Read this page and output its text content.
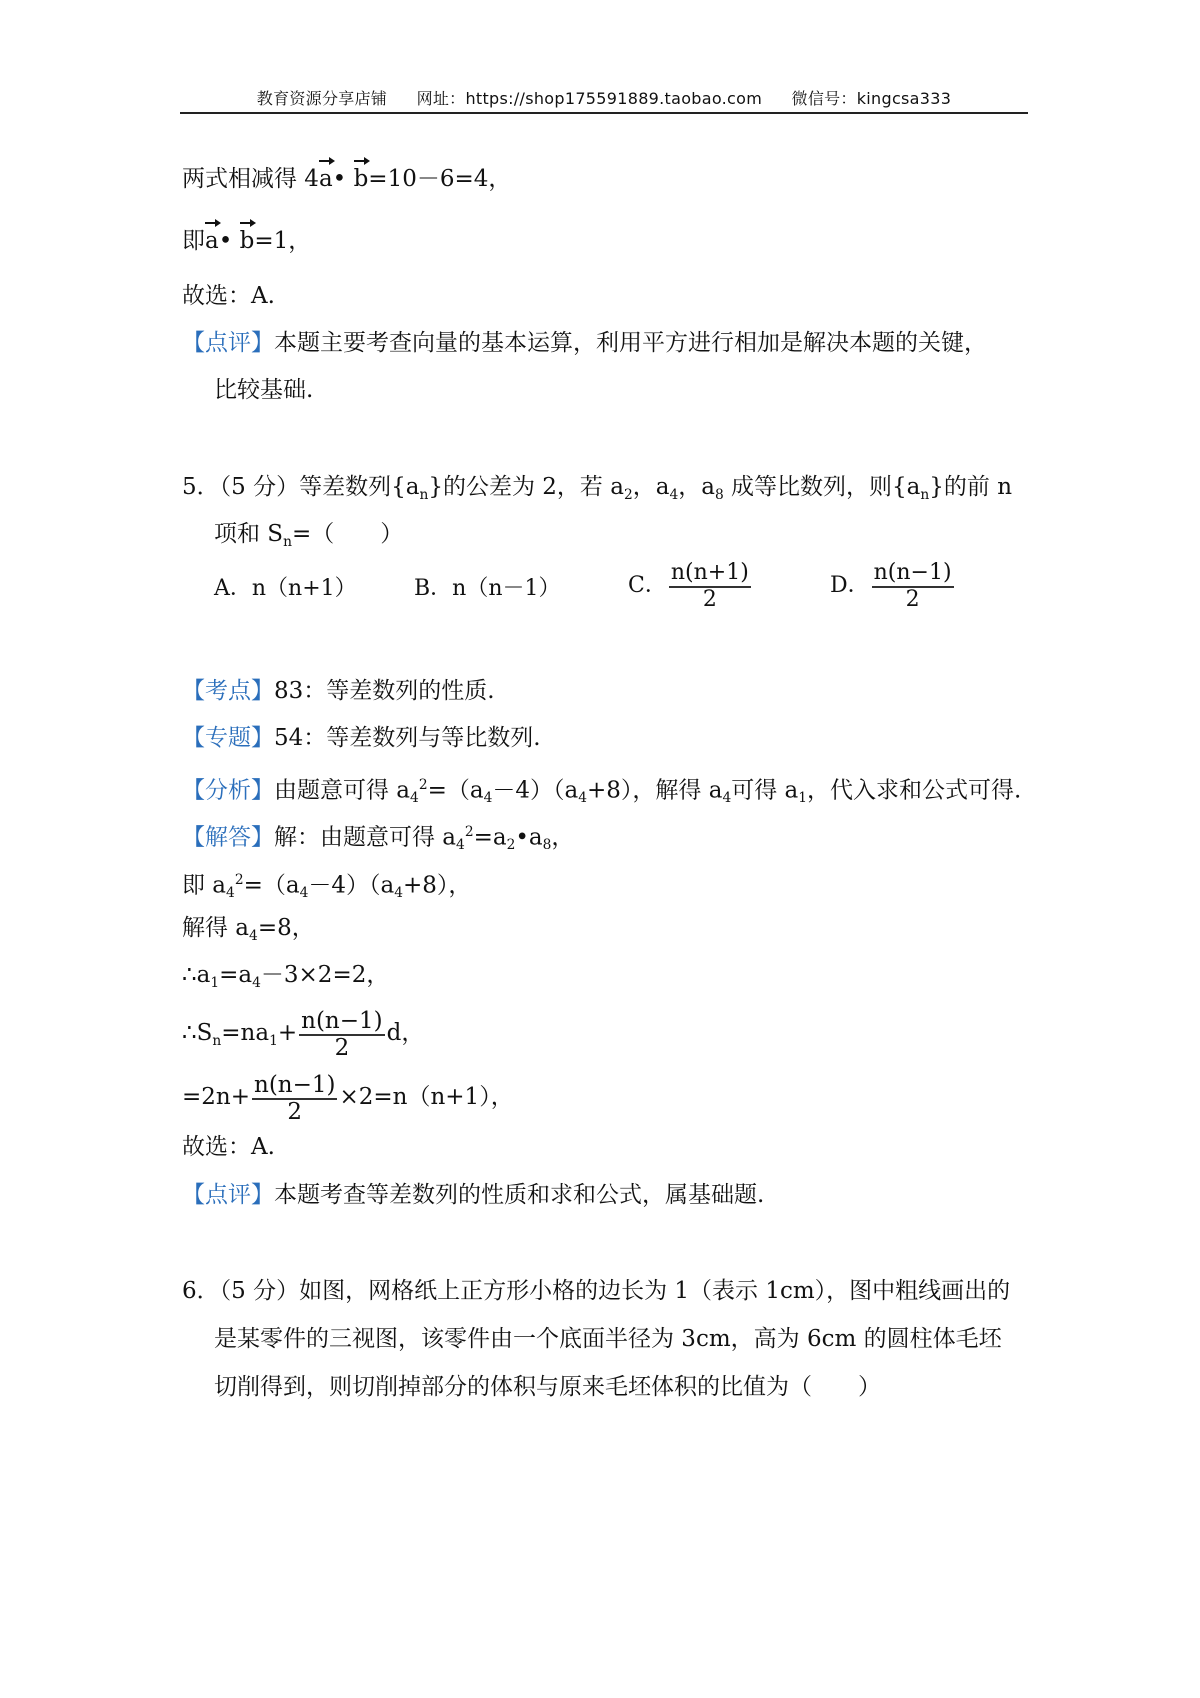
教育资源分享店铺 网址：https://shop175591889.taobao.com 微信号：kingcsa333
两式相减得 4a• b=10－6=4，
即a• b=1，
故选：A.
【点评】本题主要考查向量的基本运算，利用平方进行相加是解决本题的关键，
比较基础.
5．（5 分）等差数列$\{a_n\}$的公差为 2，若 $a_2$，$a_4$，$a_8$ 成等比数列，则$\{a_n\}$的前 n
项和 $S_n=$（　　）
A．n（n+1）	B．n（n－1）	C． $\frac{n(n+1)}{2}$	D． $\frac{n(n-1)}{2}$
【考点】83：等差数列的性质.
【专题】54：等差数列与等比数列.
【分析】由题意可得 $a_4^2=(a_4-4)(a_4+8)$，解得 $a_4$可得 $a_1$，代入求和公式可得.
【解答】解：由题意可得 $a_4^2=a_2•a_8$，
即 $a_4^2=(a_4-4)(a_4+8)$，
解得 $a_4=8$，
$\therefore a_1=a_4-3\times 2=2$，
$\therefore S_n=na_1+ \frac{n(n-1)}{2}$ d，
$=2n+ \frac{n(n-1)}{2} \times 2=n(n+1)$，
故选：A.
【点评】本题考查等差数列的性质和求和公式，属基础题.
6．（5 分）如图，网格纸上正方形小格的边长为 1（表示 1cm），图中粗线画出的
是某零件的三视图，该零件由一个底面半径为 3cm，高为 6cm 的圆柱体毛坯
切削得到，则切削掉部分的体积与原来毛坯体积的比值为（　　）
